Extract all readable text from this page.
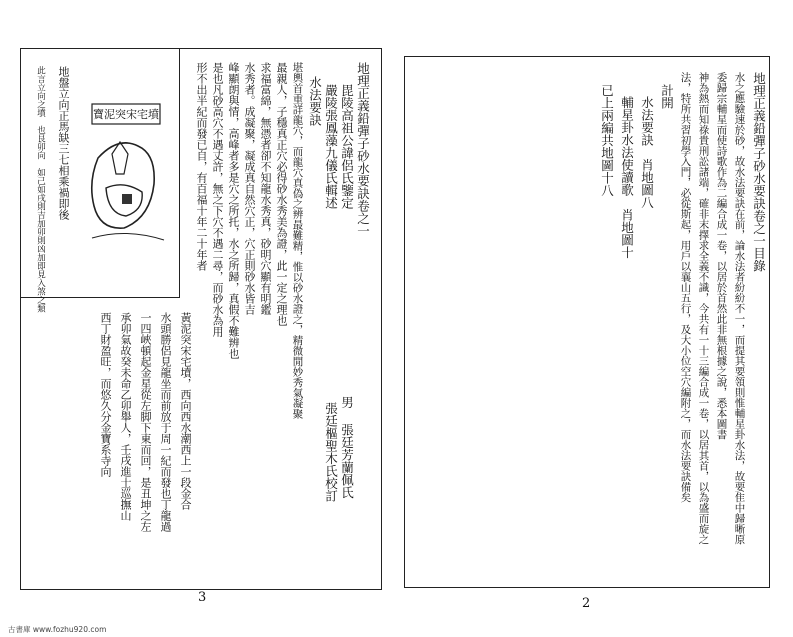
寶泥突宋宅墳
地盤立向正馬缺三七相乘禍即後
此言立向之墳　也艮卯向　如己如戌則吉加卯則凶加即見入煞之類	地理正義鉛彈子砂水要訣卷之一
毘陵高祖公諱侶氏鑒定
嚴陵張鳳藻九儀氏輯述
水法要訣
堪輿首重詳龍穴，而龍穴真偽之辨最難精，惟以砂水證之，精微閒妙秀氣凝聚
最親人，子穩真正穴必得砂水秀美為證，此一定之理也
求福富綿，無憑者卻不知龍水秀真，砂明穴顯有明鑑
水秀者。成凝聚，凝成真自然穴正，穴正則砂水皆吉
峰顯朗與情，高峰者多是穴之所托，水之所歸，真假不難辨也
是也凡砂高穴不遇丈許，無之下穴不遇二尋，而砂水為用
形不出半紀而發已自，有百福十年二十年者
黃泥突宋宅墳，西向西水潮西上一段金合
水頭勝侶見龍坐而前放于周一紀而發也丁龍過
一四峽頓起金星從左脚下東而回，是丑坤之左
承卯氣故癸未命乙卯舉人，壬戌進士巡撫山
西丁財盈旺，而悠久分金寶系寺向	男 張廷芳蘭佩氏
張廷樞聖木氏校訂
3
地理正義鉛彈子砂水要訣卷之一目錄
水之應驗速於砂，故水法要訣在前，論水法者紛紛不一，而提其要領則惟輔星卦水法，故要隹中歸晰原
委歸宗輔星而使詩歌作為二編合成一卷，以居於首然此非無根據之說，悉本圖書
神為熱而知祿貴刑訟諸端，確非末擇求全義不識，今共有一十三編合成一卷，以居其首，以為盛而旋之
法，特所共習初學入門，必從斯起，用戶以襄山五行，及大小位空穴編附之，而水法要訣備矣
計開
水法要訣　肖地圖八
輔星卦水法使讀歌　肖地圖十
已上兩編共地圖十八
2
古書庫 www.fozhu920.com
